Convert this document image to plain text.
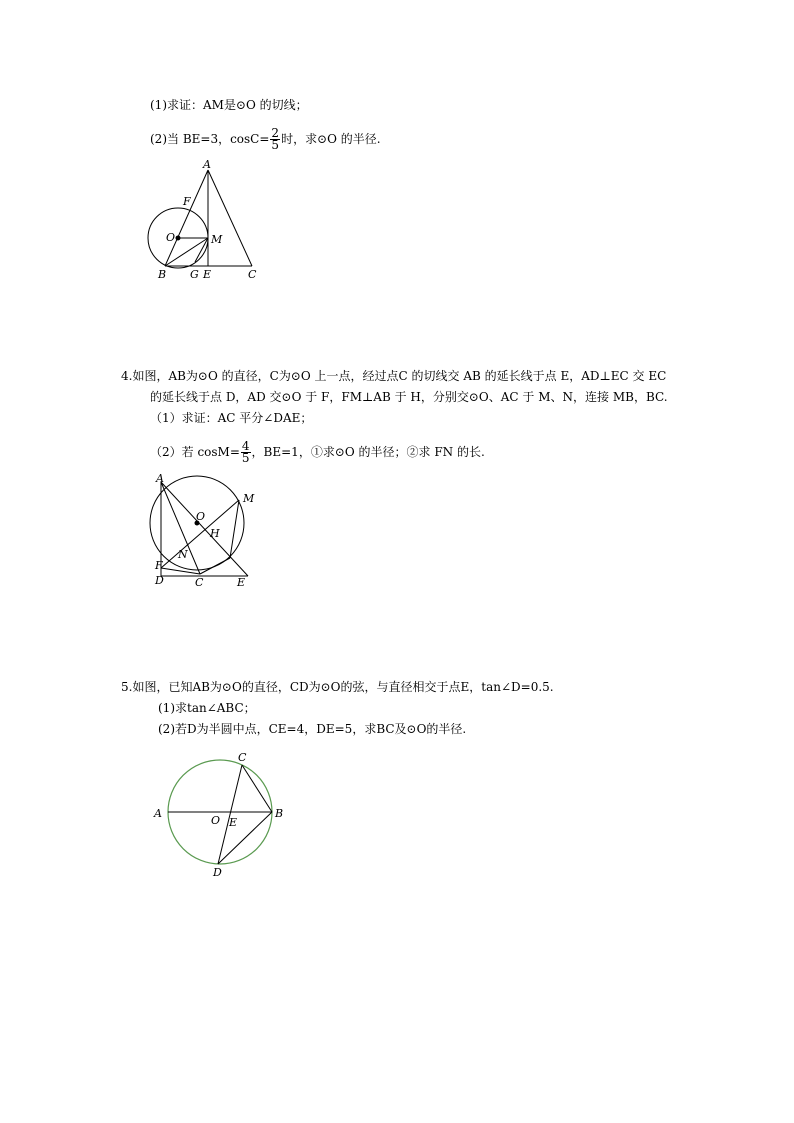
(1)求证：AM是⊙O 的切线；
(2)当 BE=3，$\cos C= \frac{2}{5}$ 时，求⊙O 的半径.
A
F
O	M
B G E	C
4.如图，AB为⊙O 的直径，C为⊙O 上一点，经过点C 的切线交 AB 的延长线于点 E，AD⊥EC 交 EC
的延长线于点 D，AD 交⊙O 于 F，FM⊥AB 于 H，分别交⊙O、AC 于 M、N，连接 MB，BC.
（1）求证：AC 平分∠DAE；
（2）若 $\cos M= \frac{4}{5}$ ，BE=1，①求⊙O 的半径；②求 FN 的长.
A
M
O
H
N
F
D	C	E
5.如图，已知AB为⊙O的直径，CD为⊙O的弦，与直径相交于点E，tan∠D=0.5.
(1)求tan∠ABC；
(2)若D为半圆中点，CE=4，DE=5，求BC及⊙O的半径.
C
A
O E
B
D
